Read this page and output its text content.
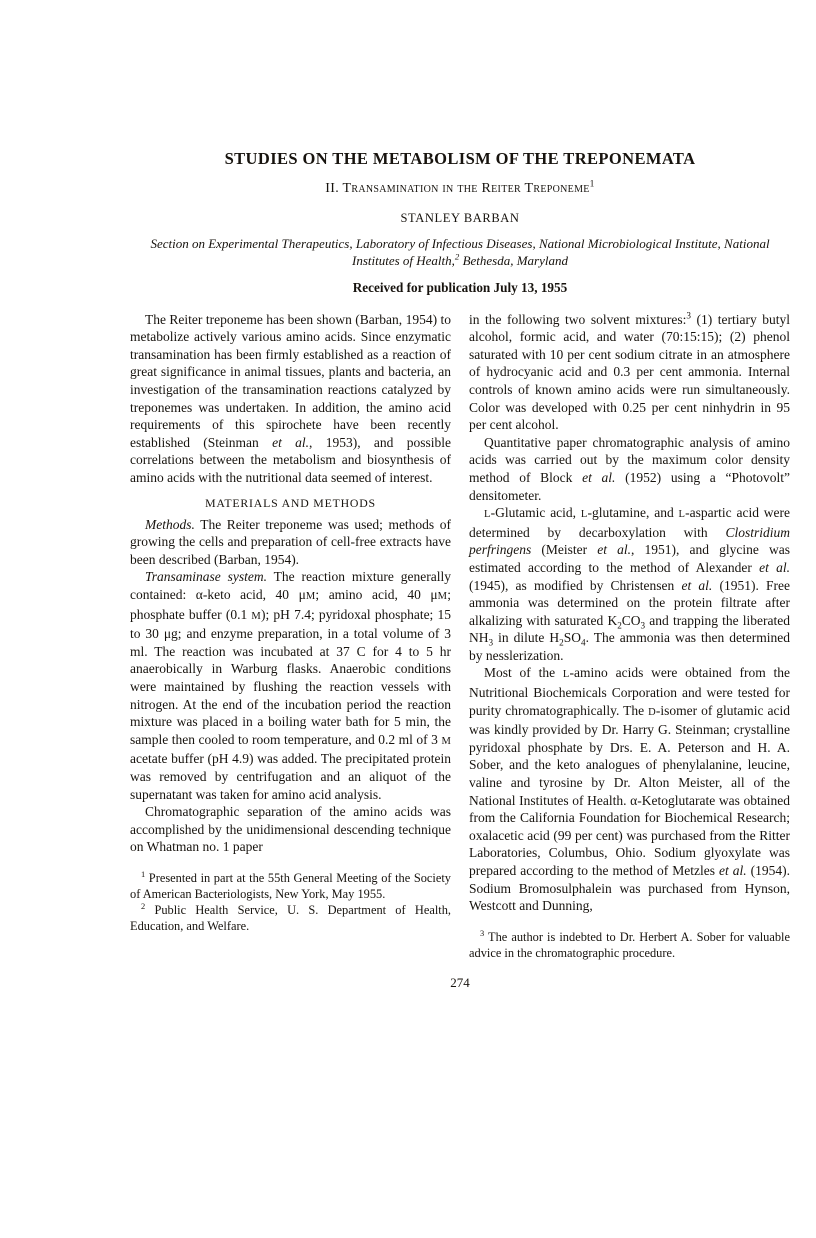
STUDIES ON THE METABOLISM OF THE TREPONEMATA
II. Transamination in the Reiter Treponeme$^1$
STANLEY BARBAN
Section on Experimental Therapeutics, Laboratory of Infectious Diseases, National Microbiological Institute, National Institutes of Health,$^2$ Bethesda, Maryland
Received for publication July 13, 1955

The Reiter treponeme has been shown (Barban, 1954) to metabolize actively various amino acids. Since enzymatic transamination has been firmly established as a reaction of great significance in animal tissues, plants and bacteria, an investigation of the transamination reactions catalyzed by treponemes was undertaken. In addition, the amino acid requirements of this spirochete have been recently established (Steinman et al., 1953), and possible correlations between the metabolism and biosynthesis of amino acids with the nutritional data seemed of interest.

MATERIALS AND METHODS

Methods. The Reiter treponeme was used; methods of growing the cells and preparation of cell-free extracts have been described (Barban, 1954).

Transaminase system. The reaction mixture generally contained: α-keto acid, 40 μM; amino acid, 40 μM; phosphate buffer (0.1 M); pH 7.4; pyridoxal phosphate; 15 to 30 μg; and enzyme preparation, in a total volume of 3 ml. The reaction was incubated at 37 C for 4 to 5 hr anaerobically in Warburg flasks. Anaerobic conditions were maintained by flushing the reaction vessels with nitrogen. At the end of the incubation period the reaction mixture was placed in a boiling water bath for 5 min, the sample then cooled to room temperature, and 0.2 ml of 3 M acetate buffer (pH 4.9) was added. The precipitated protein was removed by centrifugation and an aliquot of the supernatant was taken for amino acid analysis.

Chromatographic separation of the amino acids was accomplished by the unidimensional descending technique on Whatman no. 1 paper

$^1$ Presented in part at the 55th General Meeting of the Society of American Bacteriologists, New York, May 1955.

$^2$ Public Health Service, U. S. Department of Health, Education, and Welfare.

in the following two solvent mixtures:$^3$ (1) tertiary butyl alcohol, formic acid, and water (70:15:15); (2) phenol saturated with 10 per cent sodium citrate in an atmosphere of hydrocyanic acid and 0.3 per cent ammonia. Internal controls of known amino acids were run simultaneously. Color was developed with 0.25 per cent ninhydrin in 95 per cent alcohol.

Quantitative paper chromatographic analysis of amino acids was carried out by the maximum color density method of Block et al. (1952) using a “Photovolt” densitometer.

L-Glutamic acid, L-glutamine, and L-aspartic acid were determined by decarboxylation with Clostridium perfringens (Meister et al., 1951), and glycine was estimated according to the method of Alexander et al. (1945), as modified by Christensen et al. (1951). Free ammonia was determined on the protein filtrate after alkalizing with saturated $K_2CO_3$ and trapping the liberated $NH_3$ in dilute $H_2SO_4$. The ammonia was then determined by nesslerization.

Most of the L-amino acids were obtained from the Nutritional Biochemicals Corporation and were tested for purity chromatographically. The D-isomer of glutamic acid was kindly provided by Dr. Harry G. Steinman; crystalline pyridoxal phosphate by Drs. E. A. Peterson and H. A. Sober, and the keto analogues of phenylalanine, leucine, valine and tyrosine by Dr. Alton Meister, all of the National Institutes of Health. α-Ketoglutarate was obtained from the California Foundation for Biochemical Research; oxalacetic acid (99 per cent) was purchased from the Ritter Laboratories, Columbus, Ohio. Sodium glyoxylate was prepared according to the method of Metzles et al. (1954). Sodium Bromosulphalein was purchased from Hynson, Westcott and Dunning,

$^3$ The author is indebted to Dr. Herbert A. Sober for valuable advice in the chromatographic procedure.

274
